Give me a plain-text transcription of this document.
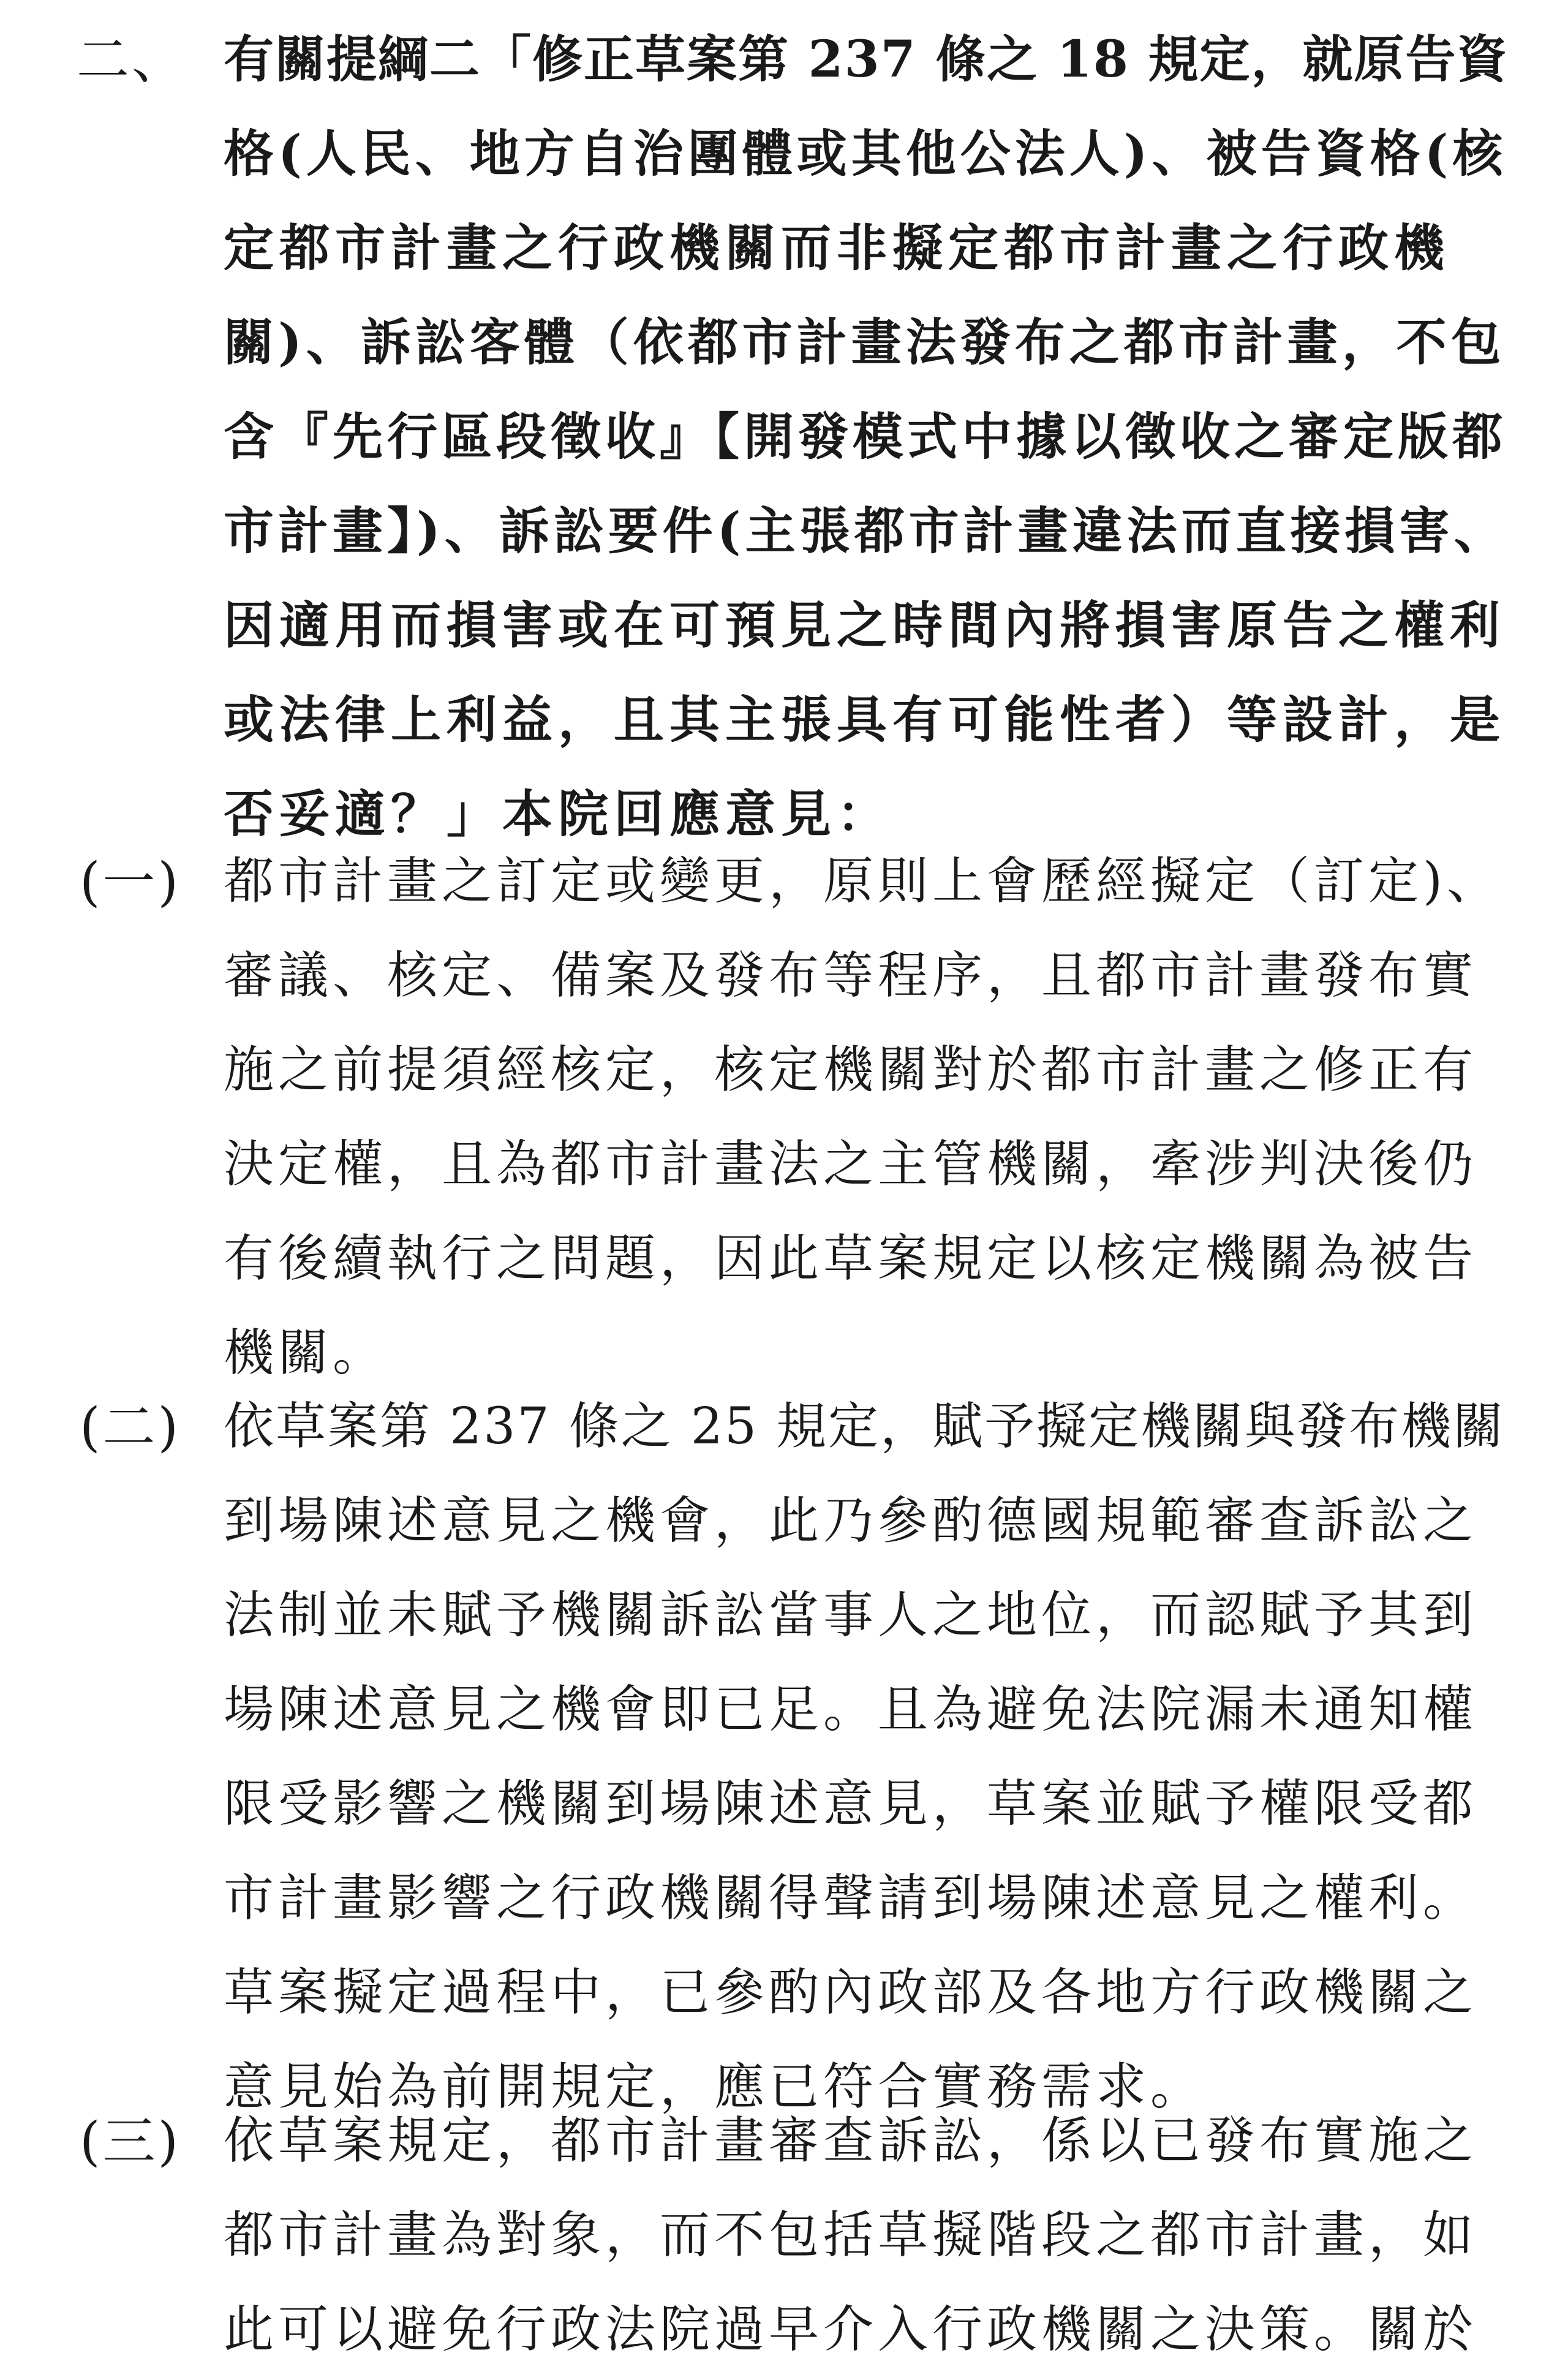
二、 有關提綱二「修正草案第 237 條之 18 規定，就原告資
格(人民、地方自治團體或其他公法人)、被告資格(核
定都市計畫之行政機關而非擬定都市計畫之行政機
關)、訴訟客體（依都市計畫法發布之都市計畫，不包
含『先行區段徵收』【開發模式中據以徵收之審定版都
市計畫】)、訴訟要件(主張都市計畫違法而直接損害、
因適用而損害或在可預見之時間內將損害原告之權利
或法律上利益，且其主張具有可能性者）等設計，是
否妥適？」本院回應意見：
(一) 都市計畫之訂定或變更，原則上會歷經擬定（訂定)、
審議、核定、備案及發布等程序，且都市計畫發布實
施之前提須經核定，核定機關對於都市計畫之修正有
決定權，且為都市計畫法之主管機關，牽涉判決後仍
有後續執行之問題，因此草案規定以核定機關為被告
機關。
(二) 依草案第 237 條之 25 規定，賦予擬定機關與發布機關
到場陳述意見之機會，此乃參酌德國規範審查訴訟之
法制並未賦予機關訴訟當事人之地位，而認賦予其到
場陳述意見之機會即已足。且為避免法院漏未通知權
限受影響之機關到場陳述意見，草案並賦予權限受都
市計畫影響之行政機關得聲請到場陳述意見之權利。
草案擬定過程中，已參酌內政部及各地方行政機關之
意見始為前開規定，應已符合實務需求。
(三) 依草案規定，都市計畫審查訴訟，係以已發布實施之
都市計畫為對象，而不包括草擬階段之都市計畫，如
此可以避免行政法院過早介入行政機關之決策。關於
